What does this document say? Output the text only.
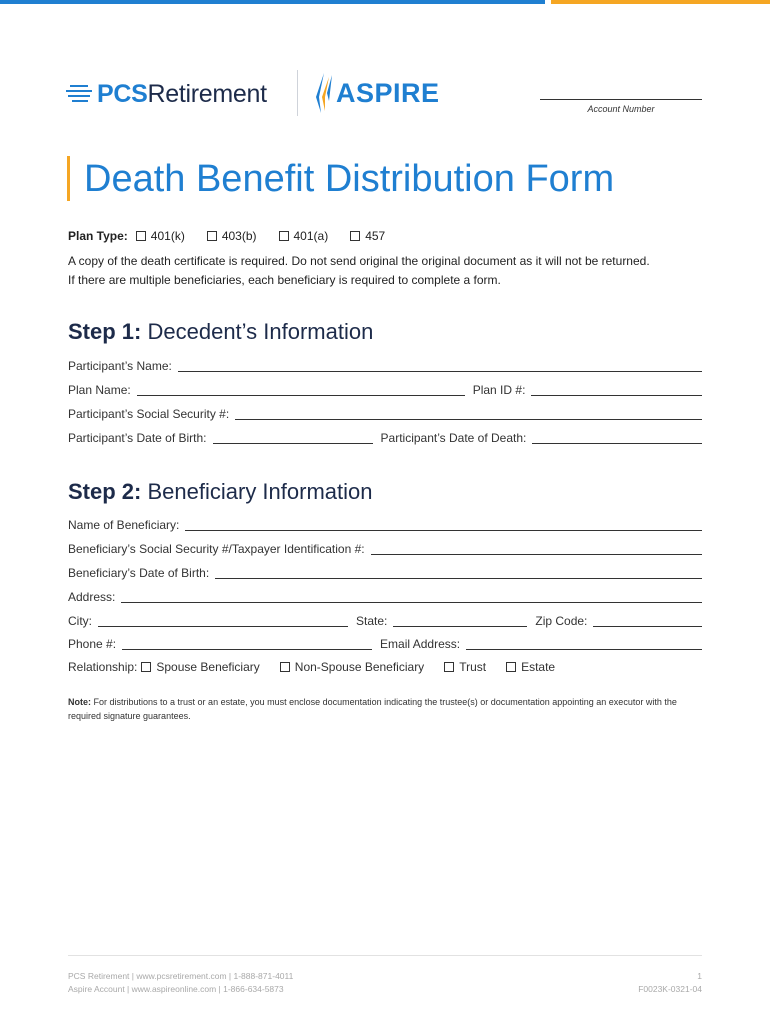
PCSRetirement	ASPIRE
Account Number
Death Benefit Distribution Form
Plan Type: 401(k)	403(b)	401(a)	457
A copy of the death certificate is required. Do not send original the original document as it will not be returned.
If there are multiple beneficiaries, each beneficiary is required to complete a form.
Step 1: Decedent’s Information
Participant’s Name:
Plan Name:	Plan ID #:
Participant’s Social Security #:
Participant’s Date of Birth:	Participant’s Date of Death:
Step 2: Beneficiary Information
Name of Beneficiary:
Beneficiary’s Social Security #/Taxpayer Identification #:
Beneficiary’s Date of Birth:
Address:
City:	State:	Zip Code:
Phone #:	Email Address:
Relationship: Spouse Beneficiary	Non-Spouse Beneficiary	Trust	Estate
Note: For distributions to a trust or an estate, you must enclose documentation indicating the trustee(s) or documentation appointing an executor with the required signature guarantees.
PCS Retirement | www.pcsretirement.com | 1-888-871-4011
Aspire Account | www.aspireonline.com | 1-866-634-5873
1
F0023K-0321-04
